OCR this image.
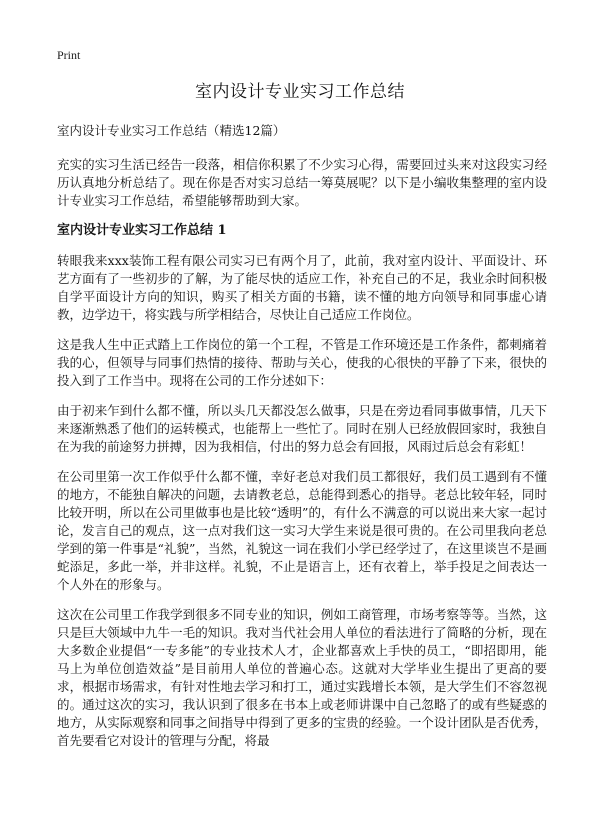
Print
室内设计专业实习工作总结
室内设计专业实习工作总结（精选12篇）

充实的实习生活已经告一段落，相信你积累了不少实习心得，需要回过头来对这段实习经历认真地分析总结了。现在你是否对实习总结一筹莫展呢？以下是小编收集整理的室内设计专业实习工作总结，希望能够帮助到大家。

室内设计专业实习工作总结 1

转眼我来xxx装饰工程有限公司实习已有两个月了，此前，我对室内设计、平面设计、环艺方面有了一些初步的了解，为了能尽快的适应工作，补充自己的不足，我业余时间积极自学平面设计方向的知识，购买了相关方面的书籍，读不懂的地方向领导和同事虚心请教，边学边干，将实践与所学相结合，尽快让自己适应工作岗位。

这是我人生中正式踏上工作岗位的第一个工程，不管是工作环境还是工作条件，都刺痛着我的心，但领导与同事们热情的接待、帮助与关心，使我的心很快的平静了下来，很快的投入到了工作当中。现将在公司的工作分述如下：

由于初来乍到什么都不懂，所以头几天都没怎么做事，只是在旁边看同事做事情，几天下来逐渐熟悉了他们的运转模式，也能帮上一些忙了。同时在别人已经放假回家时，我独自在为我的前途努力拼搏，因为我相信，付出的努力总会有回报，风雨过后总会有彩虹！

在公司里第一次工作似乎什么都不懂，幸好老总对我们员工都很好，我们员工遇到有不懂的地方，不能独自解决的问题，去请教老总，总能得到悉心的指导。老总比较年轻，同时比较开明，所以在公司里做事也是比较“透明”的，有什么不满意的可以说出来大家一起讨论，发言自己的观点，这一点对我们这一实习大学生来说是很可贵的。在公司里我向老总学到的第一件事是“礼貌”，当然，礼貌这一词在我们小学已经学过了，在这里谈岂不是画蛇添足，多此一举，并非这样。礼貌，不止是语言上，还有衣着上，举手投足之间表达一个人外在的形象与。

这次在公司里工作我学到很多不同专业的知识，例如工商管理，市场考察等等。当然，这只是巨大领域中九牛一毛的知识。我对当代社会用人单位的看法进行了简略的分析，现在大多数企业提倡“一专多能”的专业技术人才，企业都喜欢上手快的员工，“即招即用，能马上为单位创造效益”是目前用人单位的普遍心态。这就对大学毕业生提出了更高的要求，根据市场需求，有针对性地去学习和打工，通过实践增长本领，是大学生们不容忽视的。通过这次的实习，我认识到了很多在书本上或老师讲课中自己忽略了的或有些疑惑的地方，从实际观察和同事之间指导中得到了更多的宝贵的经验。一个设计团队是否优秀，首先要看它对设计的管理与分配，将最
